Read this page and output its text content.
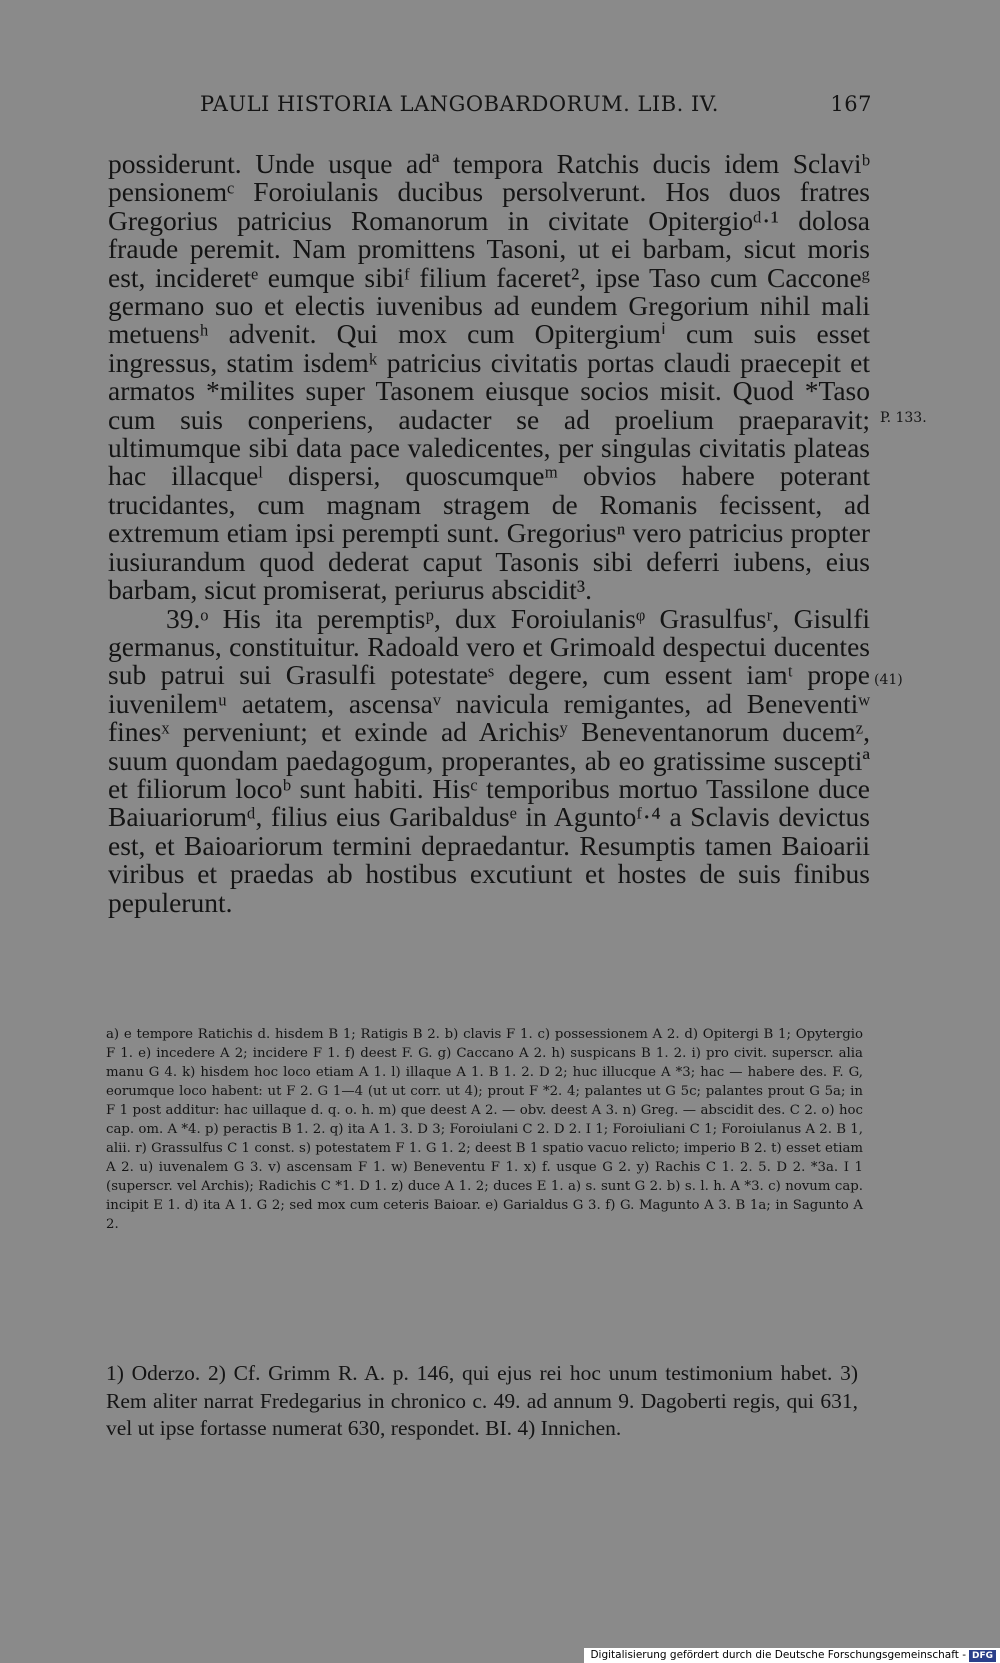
PAULI HISTORIA LANGOBARDORUM. LIB. IV.	167

possiderunt. Unde usque adª tempora Ratchis ducis idem Sclaviᵇ pensionemᶜ Foroiulanis ducibus persolverunt. Hos duos fratres Gregorius patricius Romanorum in civitate Opitergioᵈ·¹ dolosa fraude peremit. Nam promittens Tasoni, ut ei barbam, sicut moris est, incideretᵉ eumque sibiᶠ filium faceret², ipse Taso cum Cacconeᵍ germano suo et electis iuvenibus ad eundem Gregorium nihil mali metuensʰ advenit. Qui mox cum Opitergiumⁱ cum suis esset ingressus, statim isdemᵏ patricius civitatis portas claudi praecepit et armatos *milites super Tasonem eiusque socios misit. Quod *Taso cum suis conperiens, audacter se ad proelium praeparavit; ultimumque sibi data pace valedicentes, per singulas civitatis plateas hac illacqueˡ dispersi, quoscumqueᵐ obvios habere poterant trucidantes, cum magnam stragem de Romanis fecissent, ad extremum etiam ipsi perempti sunt. Gregoriusⁿ vero patricius propter iusiurandum quod dederat caput Tasonis sibi deferri iubens, eius barbam, sicut promiserat, periurus abscidit³.

39.ᵒ His ita peremptisᵖ, dux Foroiulanisᵠ Grasulfusʳ, Gisulfi germanus, constituitur. Radoald vero et Grimoald despectui ducentes sub patrui sui Grasulfi potestateˢ degere, cum essent iamᵗ prope iuvenilemᵘ aetatem, ascensaᵛ navicula remigantes, ad Beneventiʷ finesˣ perveniunt; et exinde ad Arichisʸ Beneventanorum ducemᶻ, suum quondam paedagogum, properantes, ab eo gratissime susceptiª et filiorum locoᵇ sunt habiti. Hisᶜ temporibus mortuo Tassilone duce Baiuariorumᵈ, filius eius Garibaldusᵉ in Aguntoᶠ·⁴ a Sclavis devictus est, et Baioariorum termini depraedantur. Resumptis tamen Baioarii viribus et praedas ab hostibus excutiunt et hostes de suis finibus pepulerunt.

P. 133.
(41)
a) e tempore Ratichis d. hisdem B 1; Ratigis B 2. b) clavis F 1. c) possessionem A 2. d) Opitergi B 1; Opytergio F 1. e) incedere A 2; incidere F 1. f) deest F. G. g) Caccano A 2. h) suspicans B 1. 2. i) pro civit. superscr. alia manu G 4. k) hisdem hoc loco etiam A 1. l) illaque A 1. B 1. 2. D 2; huc illucque A *3; hac — habere des. F. G, eorumque loco habent: ut F 2. G 1—4 (ut ut corr. ut 4); prout F *2. 4; palantes ut G 5c; palantes prout G 5a; in F 1 post additur: hac uillaque d. q. o. h. m) que deest A 2. — obv. deest A 3. n) Greg. — abscidit des. C 2. o) hoc cap. om. A *4. p) peractis B 1. 2. q) ita A 1. 3. D 3; Foroiulani C 2. D 2. I 1; Foroiuliani C 1; Foroiulanus A 2. B 1, alii. r) Grassulfus C 1 const. s) potestatem F 1. G 1. 2; deest B 1 spatio vacuo relicto; imperio B 2. t) esset etiam A 2. u) iuvenalem G 3. v) ascensam F 1. w) Beneventu F 1. x) f. usque G 2. y) Rachis C 1. 2. 5. D 2. *3a. I 1 (superscr. vel Archis); Radichis C *1. D 1. z) duce A 1. 2; duces E 1. a) s. sunt G 2. b) s. l. h. A *3. c) novum cap. incipit E 1. d) ita A 1. G 2; sed mox cum ceteris Baioar. e) Garialdus G 3. f) G. Magunto A 3. B 1a; in Sagunto A 2.
1) Oderzo. 2) Cf. Grimm R. A. p. 146, qui ejus rei hoc unum testimonium habet. 3) Rem aliter narrat Fredegarius in chronico c. 49. ad annum 9. Dagoberti regis, qui 631, vel ut ipse fortasse numerat 630, respondet. BI. 4) Innichen.
Digitalisierung gefördert durch die Deutsche Forschungsgemeinschaft - DFG
